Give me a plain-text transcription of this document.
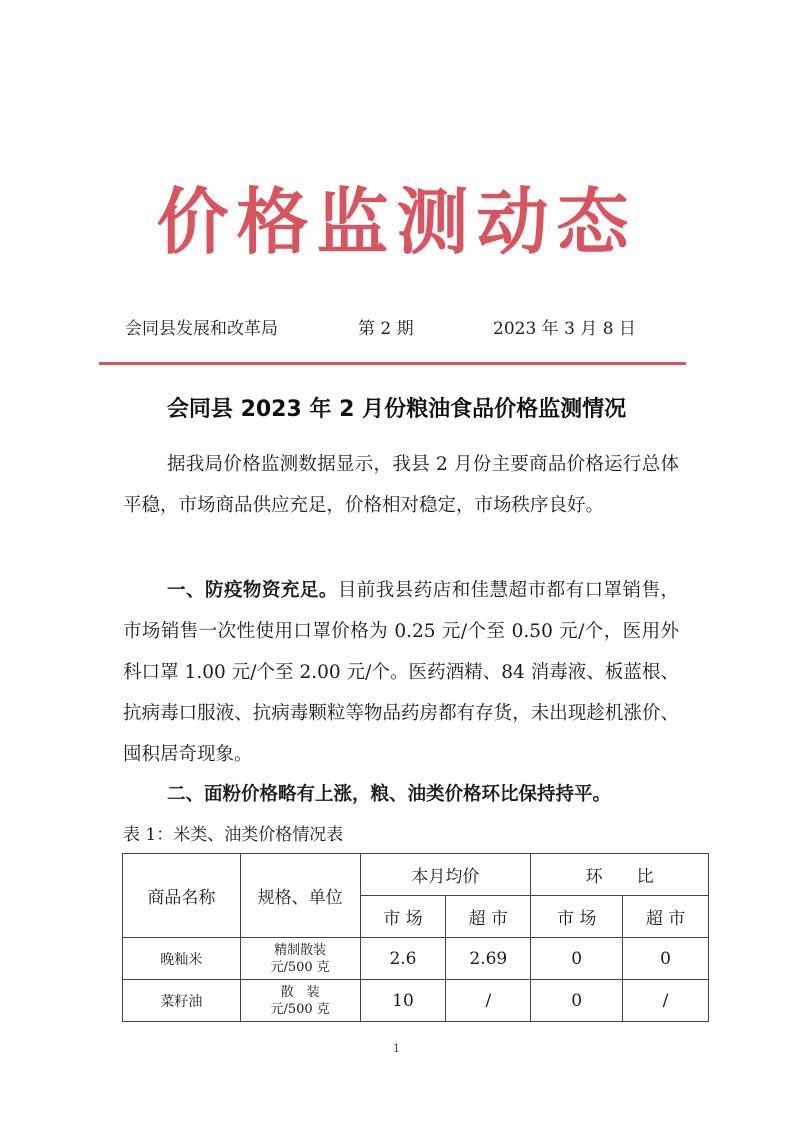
价格监测动态
会同县发展和改革局	第 2 期	2023 年 3 月 8 日
会同县 2023 年 2 月份粮油食品价格监测情况
据我局价格监测数据显示，我县 2 月份主要商品价格运行总体平稳，市场商品供应充足，价格相对稳定，市场秩序良好。
一、防疫物资充足。目前我县药店和佳慧超市都有口罩销售，市场销售一次性使用口罩价格为 0.25 元/个至 0.50 元/个，医用外科口罩 1.00 元/个至 2.00 元/个。医药酒精、84 消毒液、板蓝根、抗病毒口服液、抗病毒颗粒等物品药房都有存货，未出现趁机涨价、囤积居奇现象。
二、面粉价格略有上涨，粮、油类价格环比保持持平。
表 1：米类、油类价格情况表
商品名称	规格、单位	本月均价		环　　比	
		市 场	超 市	市 场	超 市
晚籼米	精制散装
元/500 克	2.6	2.69	0	0
菜籽油	散　装
元/500 克	10	/	0	/
1
